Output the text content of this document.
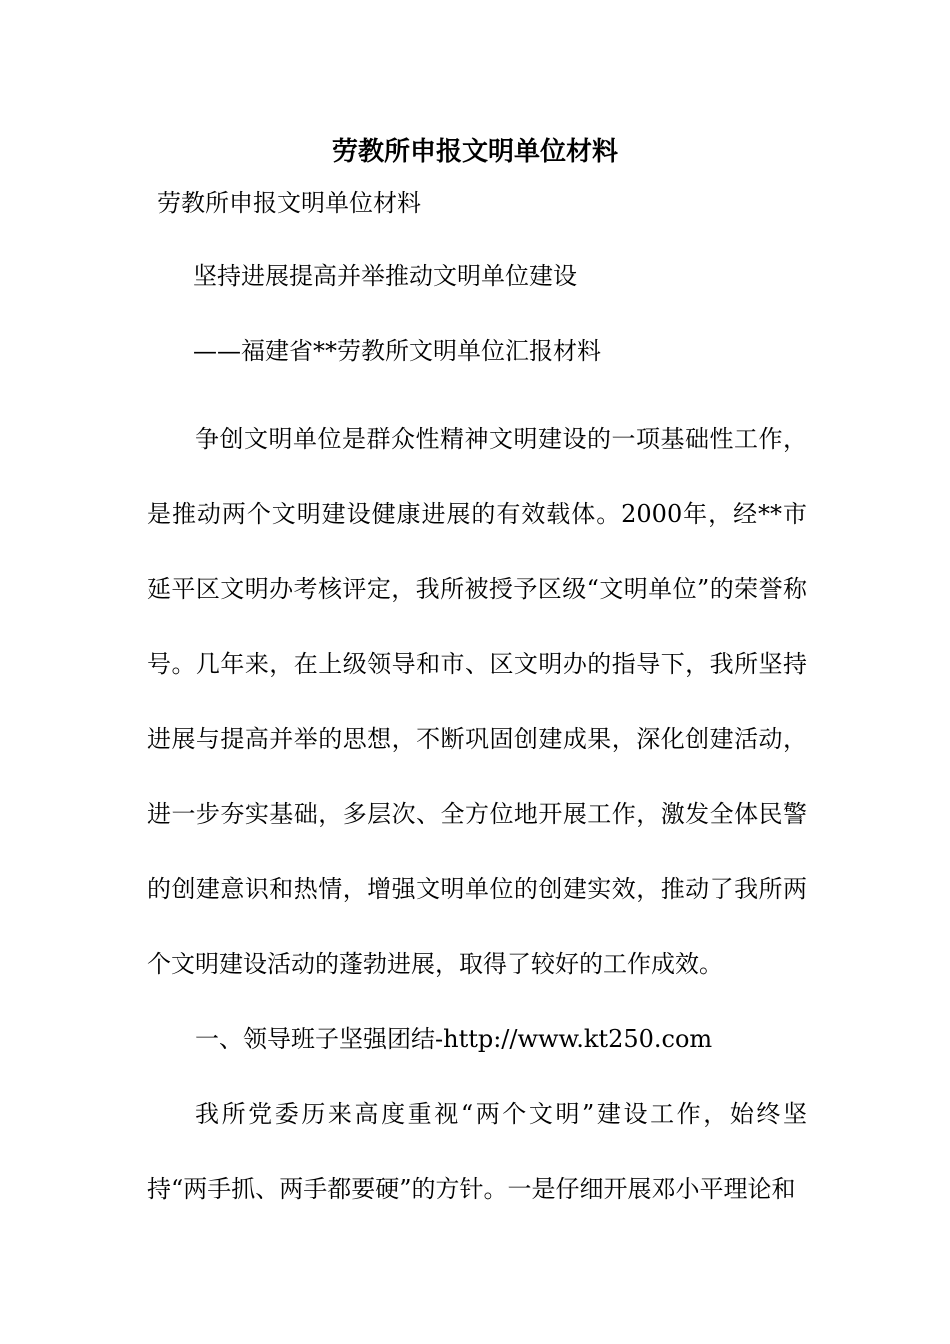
劳教所申报文明单位材料
劳教所申报文明单位材料
坚持进展提高并举推动文明单位建设
——福建省**劳教所文明单位汇报材料

争创文明单位是群众性精神文明建设的一项基础性工作，是推动两个文明建设健康进展的有效载体。2000年，经**市延平区文明办考核评定，我所被授予区级“文明单位”的荣誉称号。几年来，在上级领导和市、区文明办的指导下，我所坚持进展与提高并举的思想，不断巩固创建成果，深化创建活动，进一步夯实基础，多层次、全方位地开展工作，激发全体民警的创建意识和热情，增强文明单位的创建实效，推动了我所两个文明建设活动的蓬勃进展，取得了较好的工作成效。

一、领导班子坚强团结-http://www.kt250.com

我所党委历来高度重视“两个文明”建设工作，始终坚持“两手抓、两手都要硬”的方针。一是仔细开展邓小平理论和
